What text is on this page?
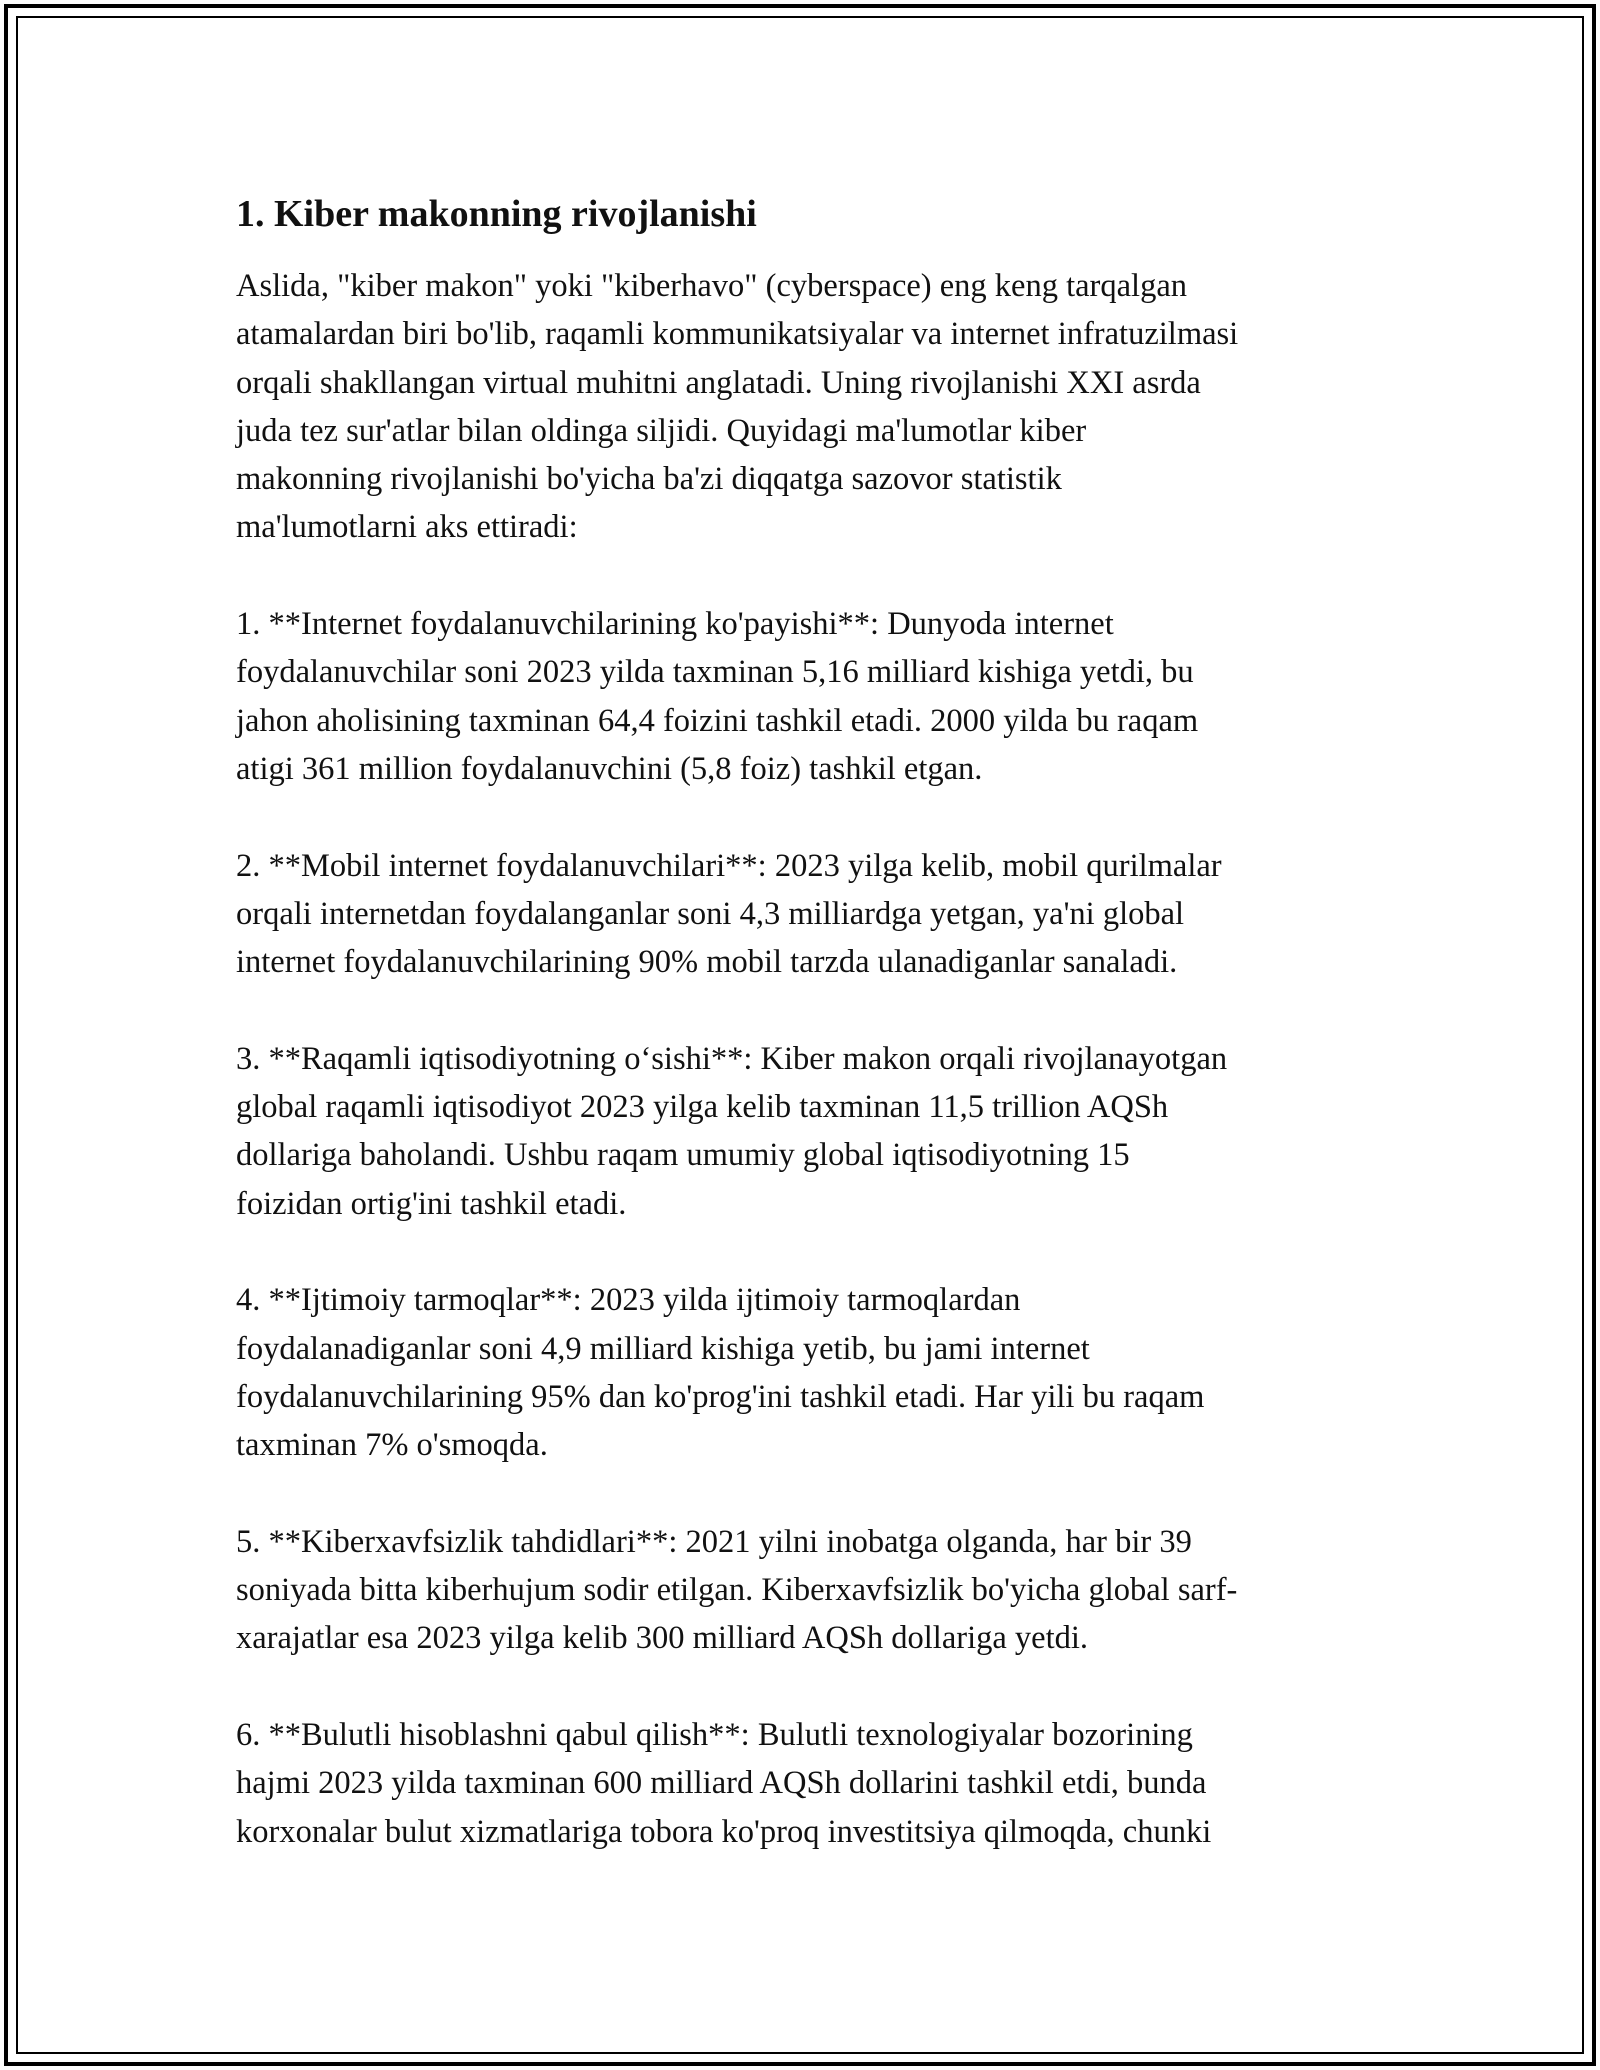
1. Kiber makonning rivojlanishi

Aslida, "kiber makon" yoki "kiberhavo" (cyberspace) eng keng tarqalgan
atamalardan biri bo'lib, raqamli kommunikatsiyalar va internet infratuzilmasi
orqali shakllangan virtual muhitni anglatadi. Uning rivojlanishi XXI asrda
juda tez sur'atlar bilan oldinga siljidi. Quyidagi ma'lumotlar kiber
makonning rivojlanishi bo'yicha ba'zi diqqatga sazovor statistik
ma'lumotlarni aks ettiradi:

1. **Internet foydalanuvchilarining ko'payishi**: Dunyoda internet
foydalanuvchilar soni 2023 yilda taxminan 5,16 milliard kishiga yetdi, bu
jahon aholisining taxminan 64,4 foizini tashkil etadi. 2000 yilda bu raqam
atigi 361 million foydalanuvchini (5,8 foiz) tashkil etgan.

2. **Mobil internet foydalanuvchilari**: 2023 yilga kelib, mobil qurilmalar
orqali internetdan foydalanganlar soni 4,3 milliardga yetgan, ya'ni global
internet foydalanuvchilarining 90% mobil tarzda ulanadiganlar sanaladi.

3. **Raqamli iqtisodiyotning o‘sishi**: Kiber makon orqali rivojlanayotgan
global raqamli iqtisodiyot 2023 yilga kelib taxminan 11,5 trillion AQSh
dollariga baholandi. Ushbu raqam umumiy global iqtisodiyotning 15
foizidan ortig'ini tashkil etadi.

4. **Ijtimoiy tarmoqlar**: 2023 yilda ijtimoiy tarmoqlardan
foydalanadiganlar soni 4,9 milliard kishiga yetib, bu jami internet
foydalanuvchilarining 95% dan ko'prog'ini tashkil etadi. Har yili bu raqam
taxminan 7% o'smoqda.

5. **Kiberxavfsizlik tahdidlari**: 2021 yilni inobatga olganda, har bir 39
soniyada bitta kiberhujum sodir etilgan. Kiberxavfsizlik bo'yicha global sarf-
xarajatlar esa 2023 yilga kelib 300 milliard AQSh dollariga yetdi.

6. **Bulutli hisoblashni qabul qilish**: Bulutli texnologiyalar bozorining
hajmi 2023 yilda taxminan 600 milliard AQSh dollarini tashkil etdi, bunda
korxonalar bulut xizmatlariga tobora ko'proq investitsiya qilmoqda, chunki
